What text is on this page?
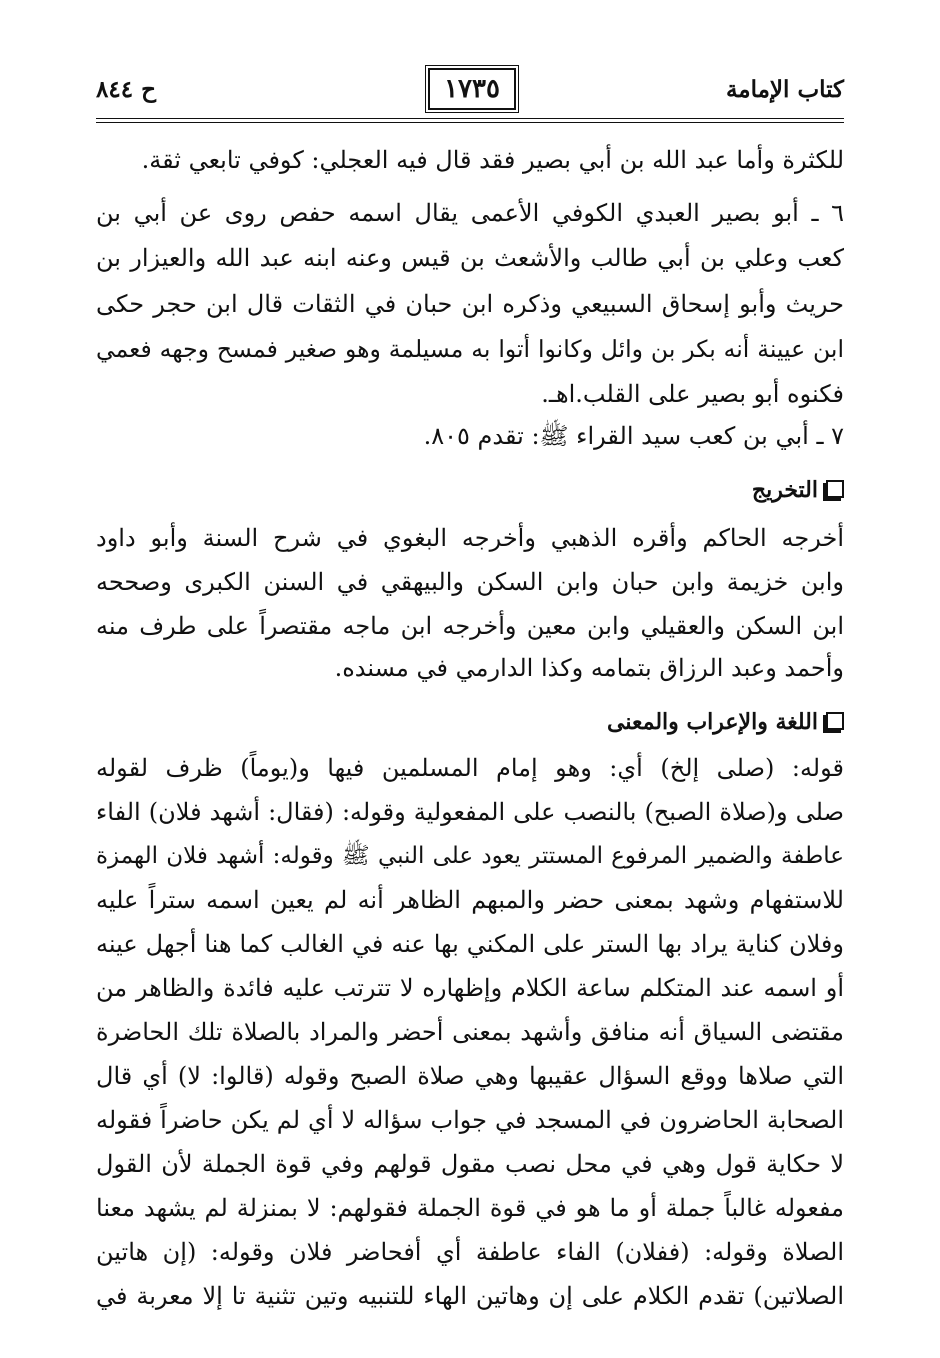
ح ٨٤٤	١٧٣٥	كتاب الإمامة
للكثرة وأما عبد الله بن أبي بصير فقد قال فيه العجلي: كوفي تابعي ثقة.
٦ ـ أبو بصير العبدي الكوفي الأعمى يقال اسمه حفص روى عن أبي بن
كعب وعلي بن أبي طالب والأشعث بن قيس وعنه ابنه عبد الله والعيزار بن
حريث وأبو إسحاق السبيعي وذكره ابن حبان في الثقات قال ابن حجر حكى
ابن عيينة أنه بكر بن وائل وكانوا أتوا به مسيلمة وهو صغير فمسح وجهه فعمي
فكنوه أبو بصير على القلب.اهـ.
٧ ـ أبي بن كعب سيد القراء ﷺ: تقدم ٨٠٥.
التخريج
أخرجه الحاكم وأقره الذهبي وأخرجه البغوي في شرح السنة وأبو داود
وابن خزيمة وابن حبان وابن السكن والبيهقي في السنن الكبرى وصححه
ابن السكن والعقيلي وابن معين وأخرجه ابن ماجه مقتصراً على طرف منه
وأحمد وعبد الرزاق بتمامه وكذا الدارمي في مسنده.
اللغة والإعراب والمعنى
قوله: (صلى إلخ) أي: وهو إمام المسلمين فيها و(يوماً) ظرف لقوله
صلى و(صلاة الصبح) بالنصب على المفعولية وقوله: (فقال: أشهد فلان) الفاء
عاطفة والضمير المرفوع المستتر يعود على النبي ﷺ وقوله: أشهد فلان الهمزة
للاستفهام وشهد بمعنى حضر والمبهم الظاهر أنه لم يعين اسمه ستراً عليه
وفلان كناية يراد بها الستر على المكني بها عنه في الغالب كما هنا أجهل عينه
أو اسمه عند المتكلم ساعة الكلام وإظهاره لا تترتب عليه فائدة والظاهر من
مقتضى السياق أنه منافق وأشهد بمعنى أحضر والمراد بالصلاة تلك الحاضرة
التي صلاها ووقع السؤال عقيبها وهي صلاة الصبح وقوله (قالوا: لا) أي قال
الصحابة الحاضرون في المسجد في جواب سؤاله لا أي لم يكن حاضراً فقوله
لا حكاية قول وهي في محل نصب مقول قولهم وفي قوة الجملة لأن القول
مفعوله غالباً جملة أو ما هو في قوة الجملة فقولهم: لا بمنزلة لم يشهد معنا
الصلاة وقوله: (ففلان) الفاء عاطفة أي أفحاضر فلان وقوله: (إن هاتين
الصلاتين) تقدم الكلام على إن وهاتين الهاء للتنبيه وتين تثنية تا إلا معربة في
